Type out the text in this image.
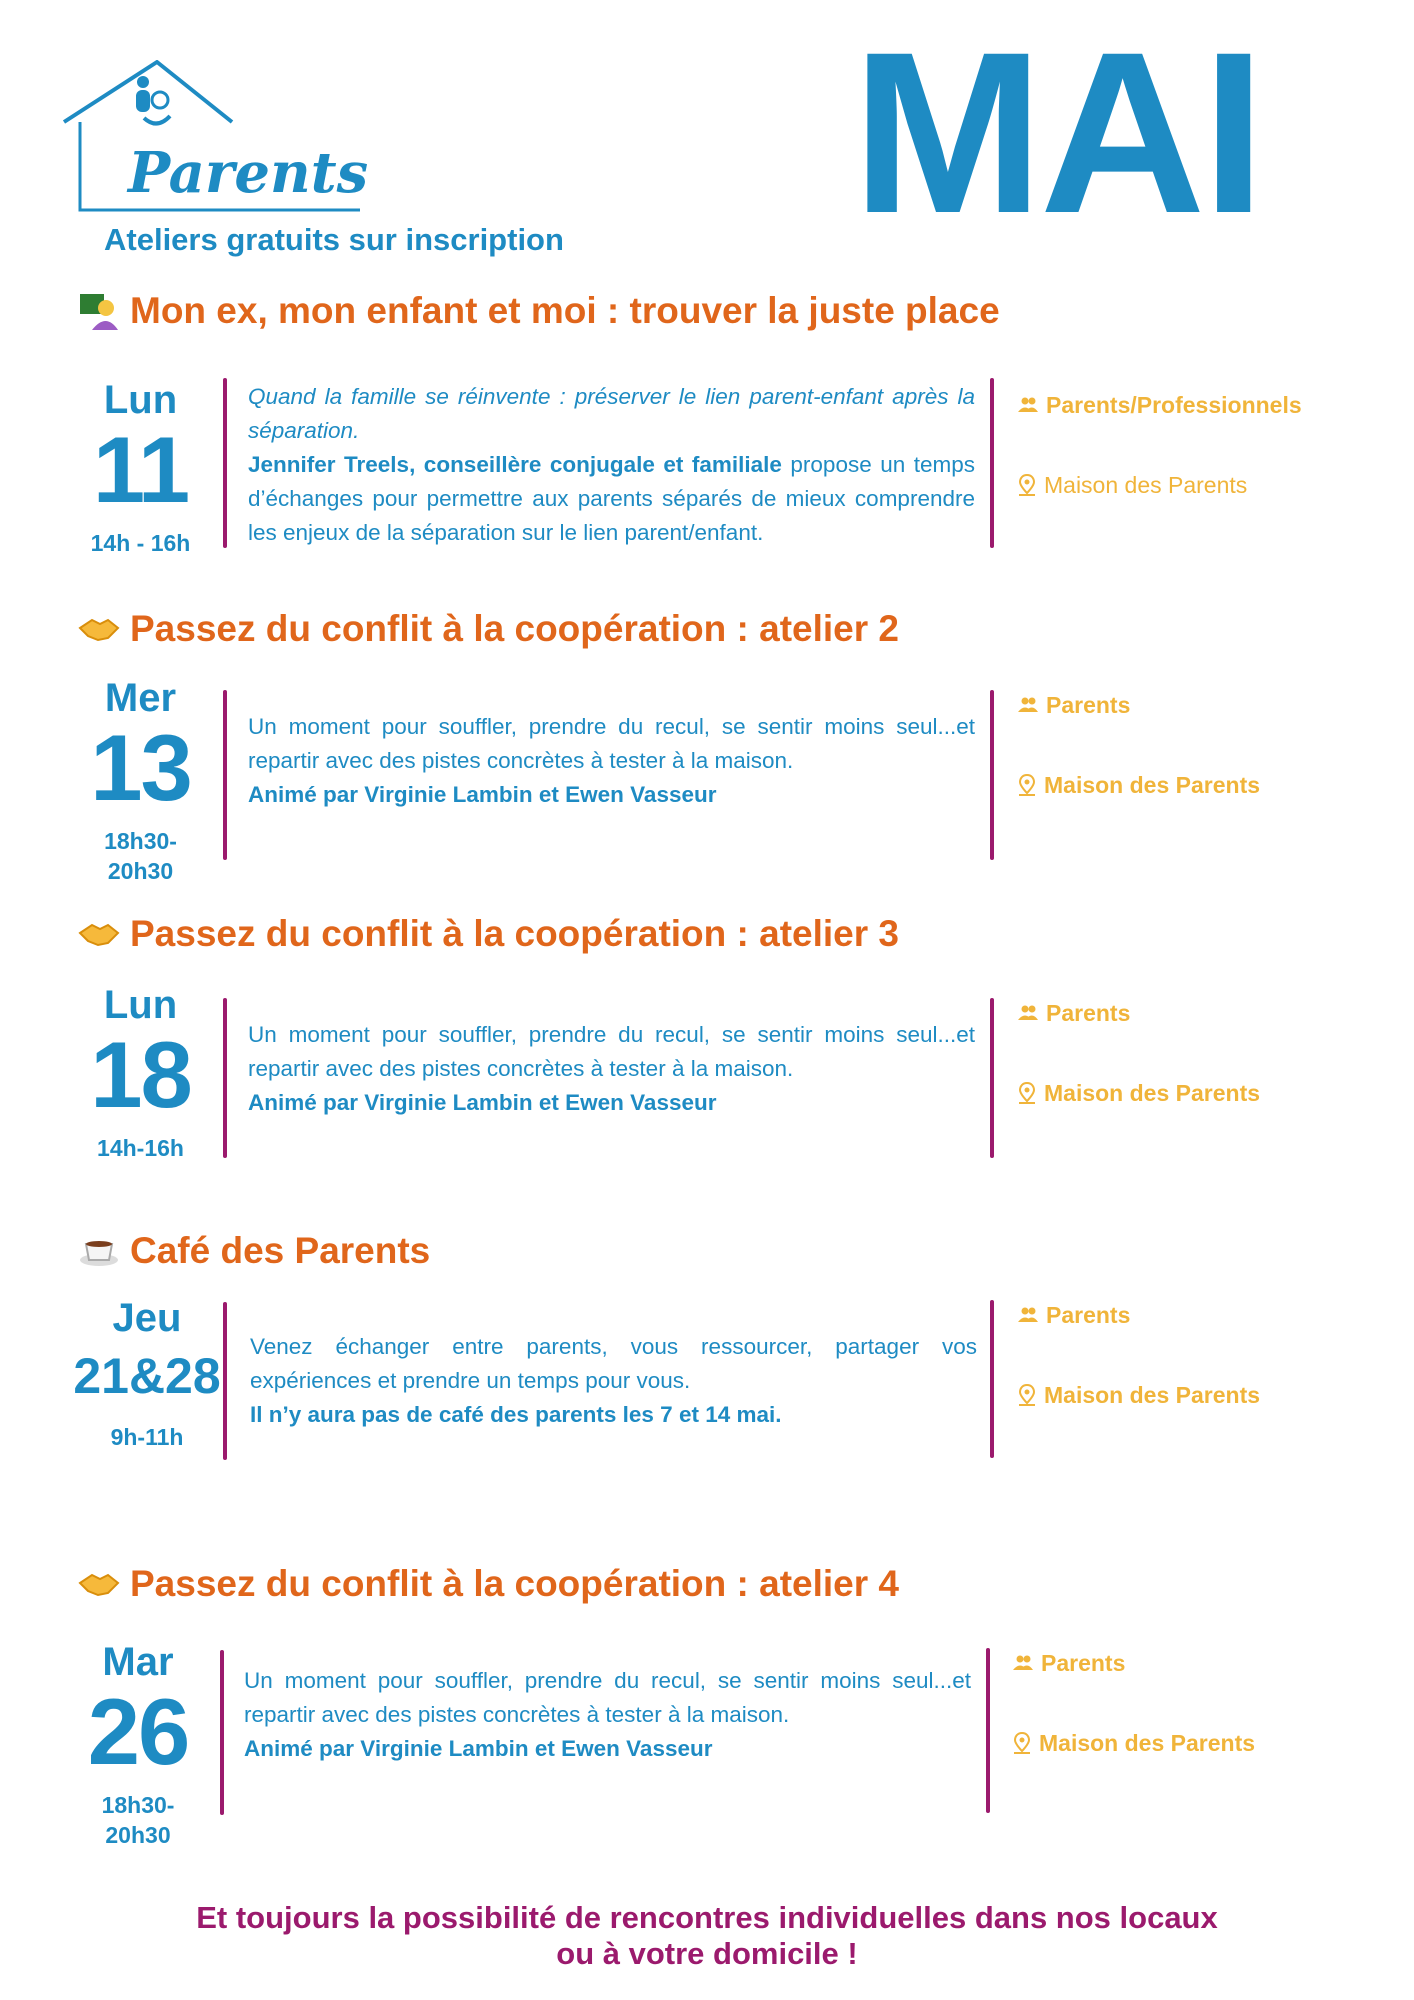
Parents
Ateliers gratuits sur inscription MAI
Mon ex, mon enfant et moi : trouver la juste place
Lun
11
14h - 16h

Quand la famille se réinvente : préserver le lien parent-enfant après la séparation.

Jennifer Treels, conseillère conjugale et familiale propose un temps d’échanges pour permettre aux parents séparés de mieux comprendre les enjeux de la séparation sur le lien parent/enfant.

Parents/Professionnels
Maison des Parents
Passez du conflit à la coopération : atelier 2
Mer
13
18h30-20h30

Un moment pour souffler, prendre du recul, se sentir moins seul...et repartir avec des pistes concrètes à tester à la maison.

Animé par Virginie Lambin et Ewen Vasseur

Parents
Maison des Parents
Passez du conflit à la coopération : atelier 3
Lun
18
14h-16h

Un moment pour souffler, prendre du recul, se sentir moins seul...et repartir avec des pistes concrètes à tester à la maison.

Animé par Virginie Lambin et Ewen Vasseur

Parents
Maison des Parents
Café des Parents
Jeu
21&28
9h-11h

Venez échanger entre parents, vous ressourcer, partager vos expériences et prendre un temps pour vous.

Il n’y aura pas de café des parents les 7 et 14 mai.

Parents
Maison des Parents
Passez du conflit à la coopération : atelier 4
Mar
26
18h30-20h30

Un moment pour souffler, prendre du recul, se sentir moins seul...et repartir avec des pistes concrètes à tester à la maison.

Animé par Virginie Lambin et Ewen Vasseur

Parents
Maison des Parents
Et toujours la possibilité de rencontres individuelles dans nos locaux
ou à votre domicile !
